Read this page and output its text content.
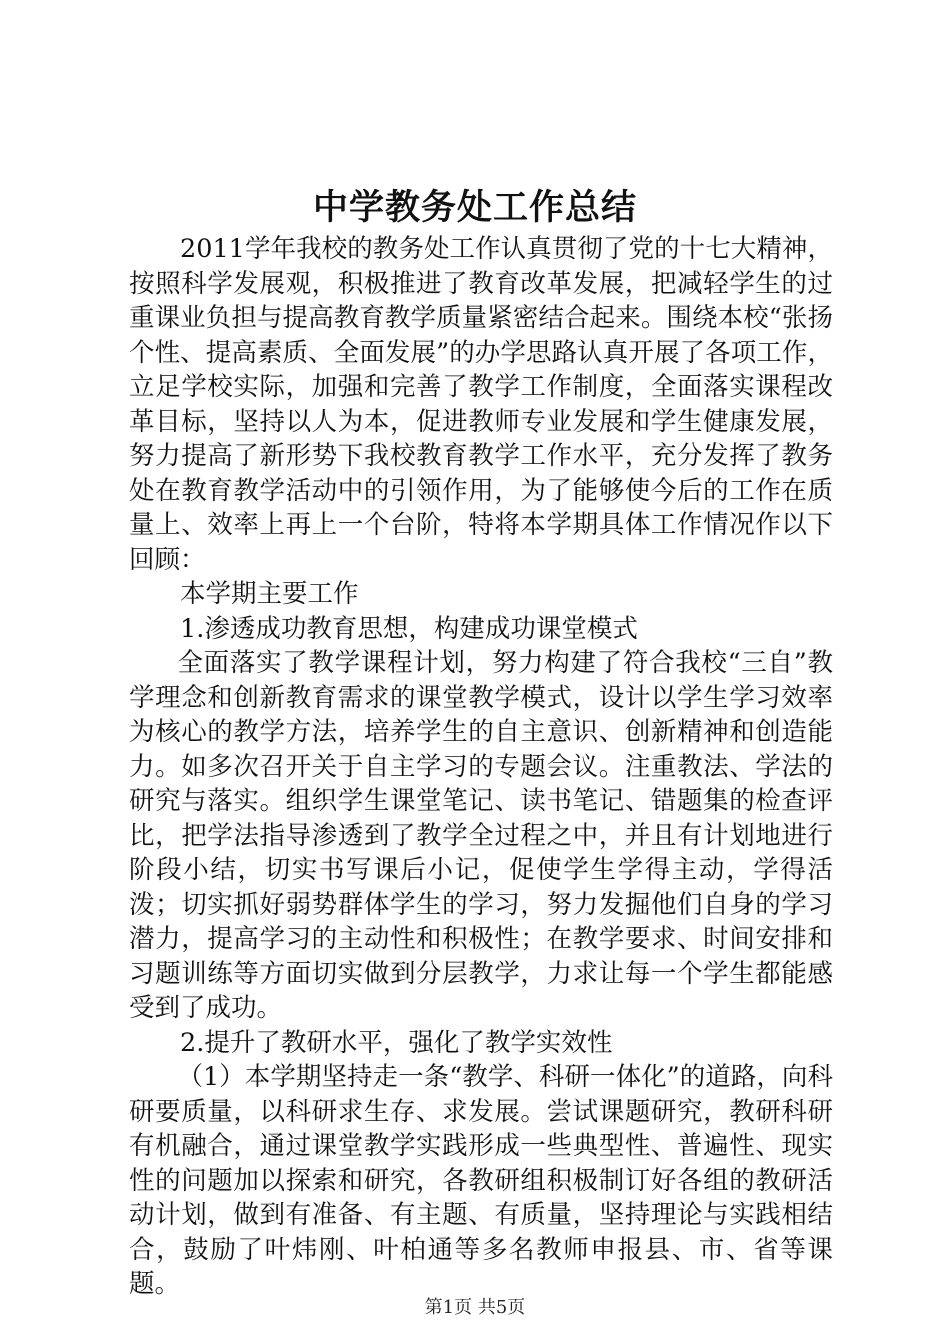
中学教务处工作总结

2011学年我校的教务处工作认真贯彻了党的十七大精神，按照科学发展观，积极推进了教育改革发展，把减轻学生的过重课业负担与提高教育教学质量紧密结合起来。围绕本校“张扬个性、提高素质、全面发展”的办学思路认真开展了各项工作，立足学校实际，加强和完善了教学工作制度，全面落实课程改革目标，坚持以人为本，促进教师专业发展和学生健康发展，努力提高了新形势下我校教育教学工作水平，充分发挥了教务处在教育教学活动中的引领作用，为了能够使今后的工作在质量上、效率上再上一个台阶，特将本学期具体工作情况作以下回顾：

本学期主要工作

1.渗透成功教育思想，构建成功课堂模式

全面落实了教学课程计划，努力构建了符合我校“三自”教学理念和创新教育需求的课堂教学模式，设计以学生学习效率为核心的教学方法，培养学生的自主意识、创新精神和创造能力。如多次召开关于自主学习的专题会议。注重教法、学法的研究与落实。组织学生课堂笔记、读书笔记、错题集的检查评比，把学法指导渗透到了教学全过程之中，并且有计划地进行阶段小结，切实书写课后小记，促使学生学得主动，学得活泼；切实抓好弱势群体学生的学习，努力发掘他们自身的学习潜力，提高学习的主动性和积极性；在教学要求、时间安排和习题训练等方面切实做到分层教学，力求让每一个学生都能感受到了成功。

2.提升了教研水平，强化了教学实效性

（1）本学期坚持走一条“教学、科研一体化”的道路，向科研要质量，以科研求生存、求发展。尝试课题研究，教研科研有机融合，通过课堂教学实践形成一些典型性、普遍性、现实性的问题加以探索和研究，各教研组积极制订好各组的教研活动计划，做到有准备、有主题、有质量，坚持理论与实践相结合，鼓励了叶炜刚、叶柏通等多名教师申报县、市、省等课题。

第1页 共5页
